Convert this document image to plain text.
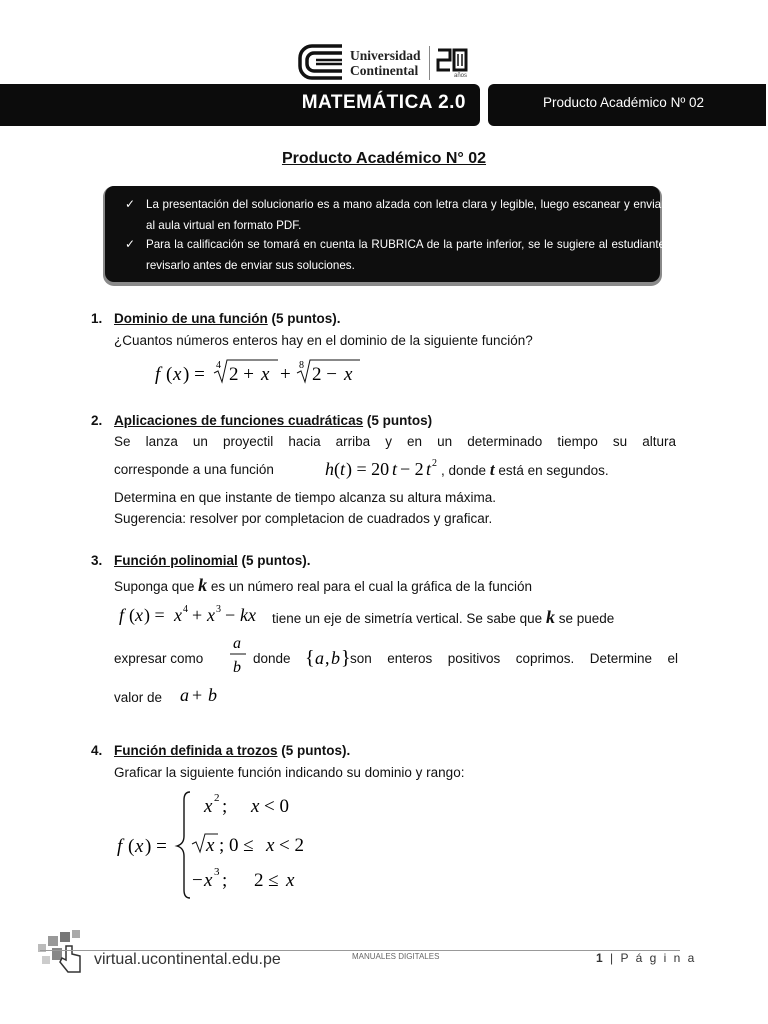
Universidad
Continental	años
MATEMÁTICA 2.0	Producto Académico Nº 02
Producto Académico N° 02
✓ La presentación del solucionario es a mano alzada con letra clara y legible, luego escanear y enviar al aula virtual en formato PDF.
✓ Para la calificación se tomará en cuenta la RUBRICA de la parte inferior, se le sugiere al estudiante revisarlo antes de enviar sus soluciones.
1. Dominio de una función (5 puntos).
¿Cuantos números enteros hay en el dominio de la siguiente función?
f ( x ) = 4 2 + x + 8 2 − x
2. Aplicaciones de funciones cuadráticas (5 puntos)
Se lanza un proyectil hacia arriba y en un determinado tiempo su altura
corresponde a una función	h ( t ) = 20 t − 2 t 2 , donde t está en segundos.
Determina en que instante de tiempo alcanza su altura máxima.
Sugerencia: resolver por completacion de cuadrados y graficar.
3. Función polinomial (5 puntos).
Suponga que k es un número real para el cual la gráfica de la función
f ( x ) = x 4 + x 3 − kx tiene un eje de simetría vertical. Se sabe que k se puede
expresar como
a
b
donde { a , b } son enteros positivos coprimos. Determine el
valor de a + b
4. Función definida a trozos (5 puntos).
Graficar la siguiente función indicando su dominio y rango:
f ( x ) =
x 2 ; x < 0
x ; 0 ≤ x < 2
− x 3 ; 2 ≤ x
virtual.ucontinental.edu.pe	MANUALES DIGITALES	1 | P á g i n a
